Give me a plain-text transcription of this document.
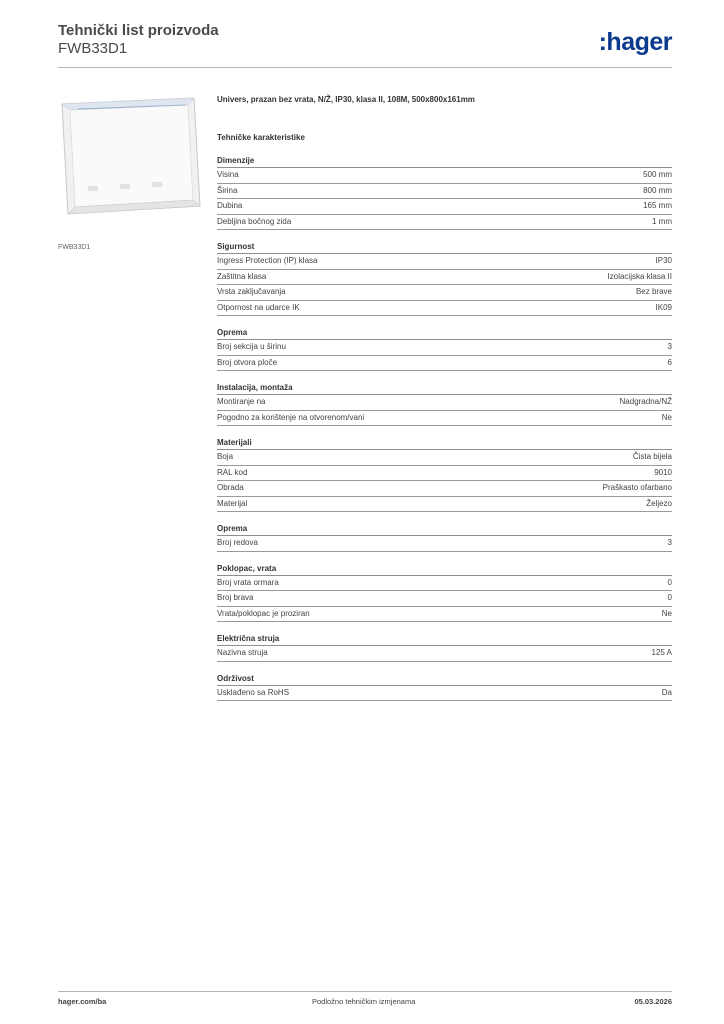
Tehnički list proizvoda
FWB33D1	:hager
FWB33D1
Univers, prazan bez vrata, N/Ž, IP30, klasa II, 108M, 500x800x161mm
Tehničke karakteristike
Dimenzije
Visina	500 mm
Širina	800 mm
Dubina	165 mm
Debljina bočnog zida	1 mm
Sigurnost
Ingress Protection (IP) klasa	IP30
Zaštitna klasa	Izolacijska klasa II
Vrsta zaključavanja	Bez brave
Otpornost na udarce IK	IK09
Oprema
Broj sekcija u širinu	3
Broj otvora ploče	6
Instalacija, montaža
Montiranje na	Nadgradna/NŽ
Pogodno za korištenje na otvorenom/vani	Ne
Materijali
Boja	Čista bijela
RAL kod	9010
Obrada	Praškasto ofarbano
Materijal	Željezo
Oprema
Broj redova	3
Poklopac, vrata
Broj vrata ormara	0
Broj brava	0
Vrata/poklopac je proziran	Ne
Električna struja
Nazivna struja	125 A
Održivost
Usklađeno sa RoHS	Da
hager.com/ba	Podložno tehničkim izmjenama	05.03.2026
